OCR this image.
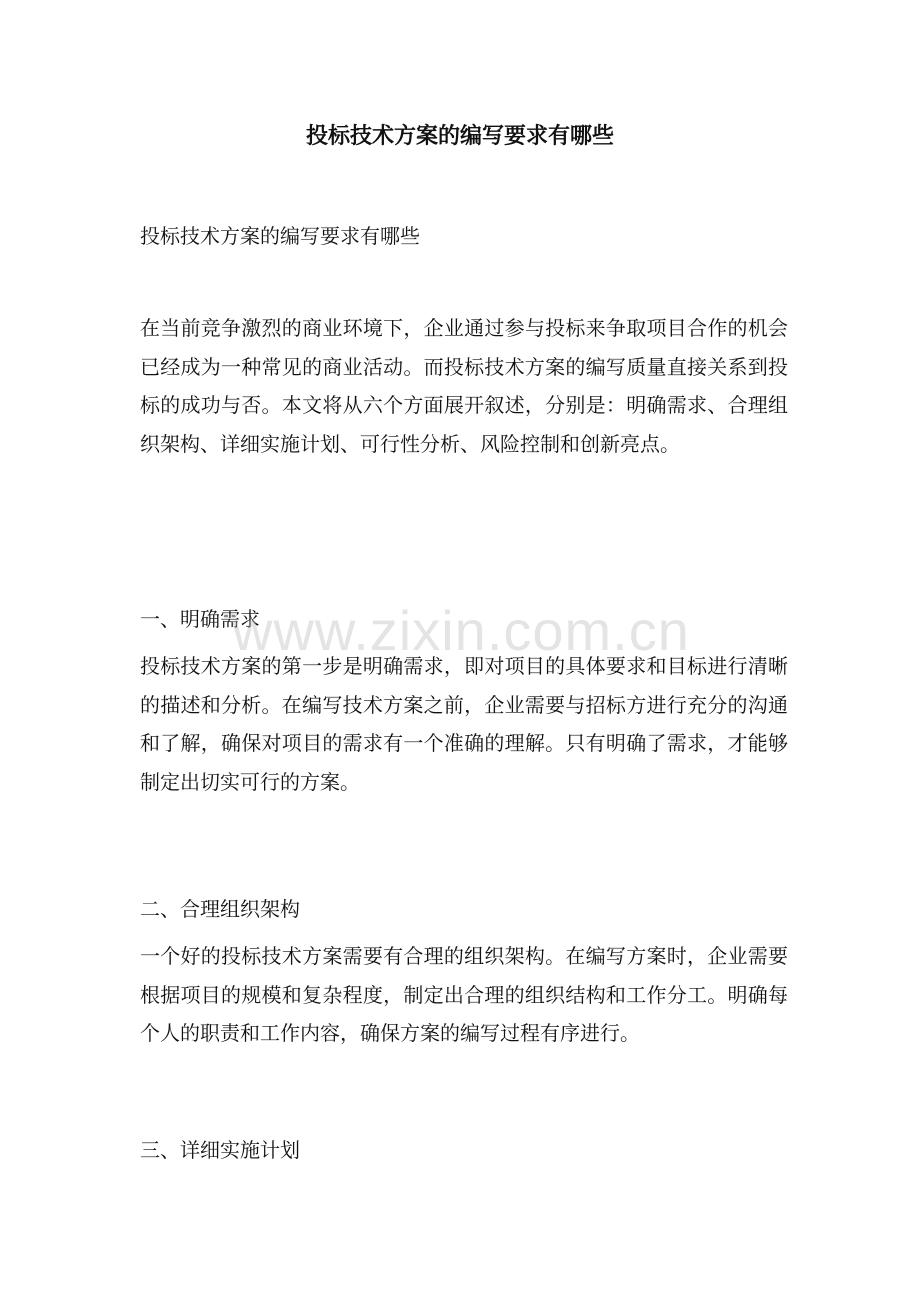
投标技术方案的编写要求有哪些

投标技术方案的编写要求有哪些

在当前竞争激烈的商业环境下，企业通过参与投标来争取项目合作的机会已经成为一种常见的商业活动。而投标技术方案的编写质量直接关系到投标的成功与否。本文将从六个方面展开叙述，分别是：明确需求、合理组织架构、详细实施计划、可行性分析、风险控制和创新亮点。

一、明确需求

投标技术方案的第一步是明确需求，即对项目的具体要求和目标进行清晰的描述和分析。在编写技术方案之前，企业需要与招标方进行充分的沟通和了解，确保对项目的需求有一个准确的理解。只有明确了需求，才能够制定出切实可行的方案。

二、合理组织架构

一个好的投标技术方案需要有合理的组织架构。在编写方案时，企业需要根据项目的规模和复杂程度，制定出合理的组织结构和工作分工。明确每个人的职责和工作内容，确保方案的编写过程有序进行。

三、详细实施计划

www.zixin.com.cn
